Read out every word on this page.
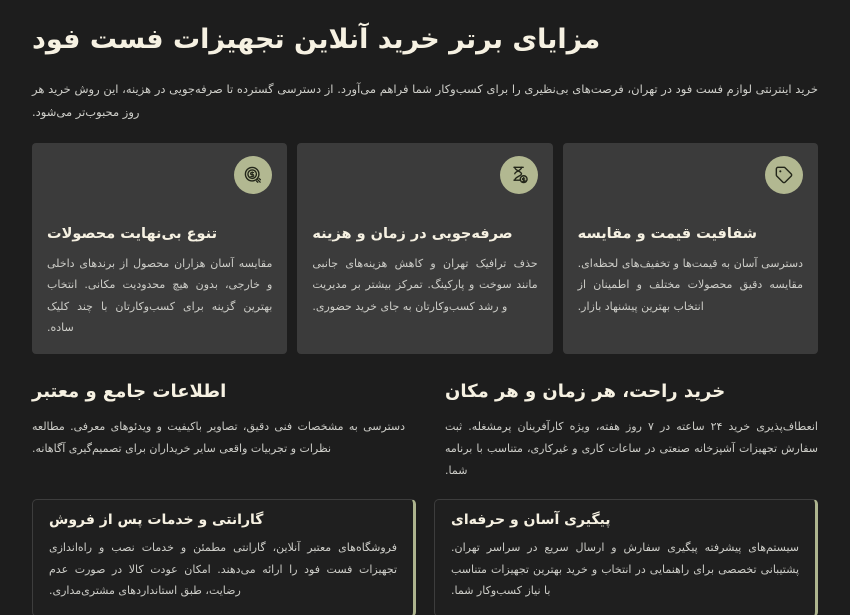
مزایای برتر خرید آنلاین تجهیزات فست فود

خرید اینترنتی لوازم فست فود در تهران، فرصت‌های بی‌نظیری را برای کسب‌وکار شما فراهم می‌آورد. از دسترسی گسترده تا صرفه‌جویی در هزینه، این روش خرید هر روز محبوب‌تر می‌شود.

شفافیت قیمت و مقایسه

دسترسی آسان به قیمت‌ها و تخفیف‌های لحظه‌ای. مقایسه دقیق محصولات مختلف و اطمینان از انتخاب بهترین پیشنهاد بازار.

صرفه‌جویی در زمان و هزینه

حذف ترافیک تهران و کاهش هزینه‌های جانبی مانند سوخت و پارکینگ. تمرکز بیشتر بر مدیریت و رشد کسب‌وکارتان به جای خرید حضوری.

تنوع بی‌نهایت محصولات

مقایسه آسان هزاران محصول از برندهای داخلی و خارجی، بدون هیچ محدودیت مکانی. انتخاب بهترین گزینه برای کسب‌وکارتان با چند کلیک ساده.

خرید راحت، هر زمان و هر مکان

انعطاف‌پذیری خرید ۲۴ ساعته در ۷ روز هفته، ویژه کارآفرینان پرمشغله. ثبت سفارش تجهیزات آشپزخانه صنعتی در ساعات کاری و غیرکاری، متناسب با برنامه شما.

اطلاعات جامع و معتبر

دسترسی به مشخصات فنی دقیق، تصاویر باکیفیت و ویدئوهای معرفی. مطالعه نظرات و تجربیات واقعی سایر خریداران برای تصمیم‌گیری آگاهانه.

پیگیری آسان و حرفه‌ای

سیستم‌های پیشرفته پیگیری سفارش و ارسال سریع در سراسر تهران. پشتیبانی تخصصی برای راهنمایی در انتخاب و خرید بهترین تجهیزات متناسب با نیاز کسب‌وکار شما.

گارانتی و خدمات پس از فروش

فروشگاه‌های معتبر آنلاین، گارانتی مطمئن و خدمات نصب و راه‌اندازی تجهیزات فست فود را ارائه می‌دهند. امکان عودت کالا در صورت عدم رضایت، طبق استانداردهای مشتری‌مداری.
